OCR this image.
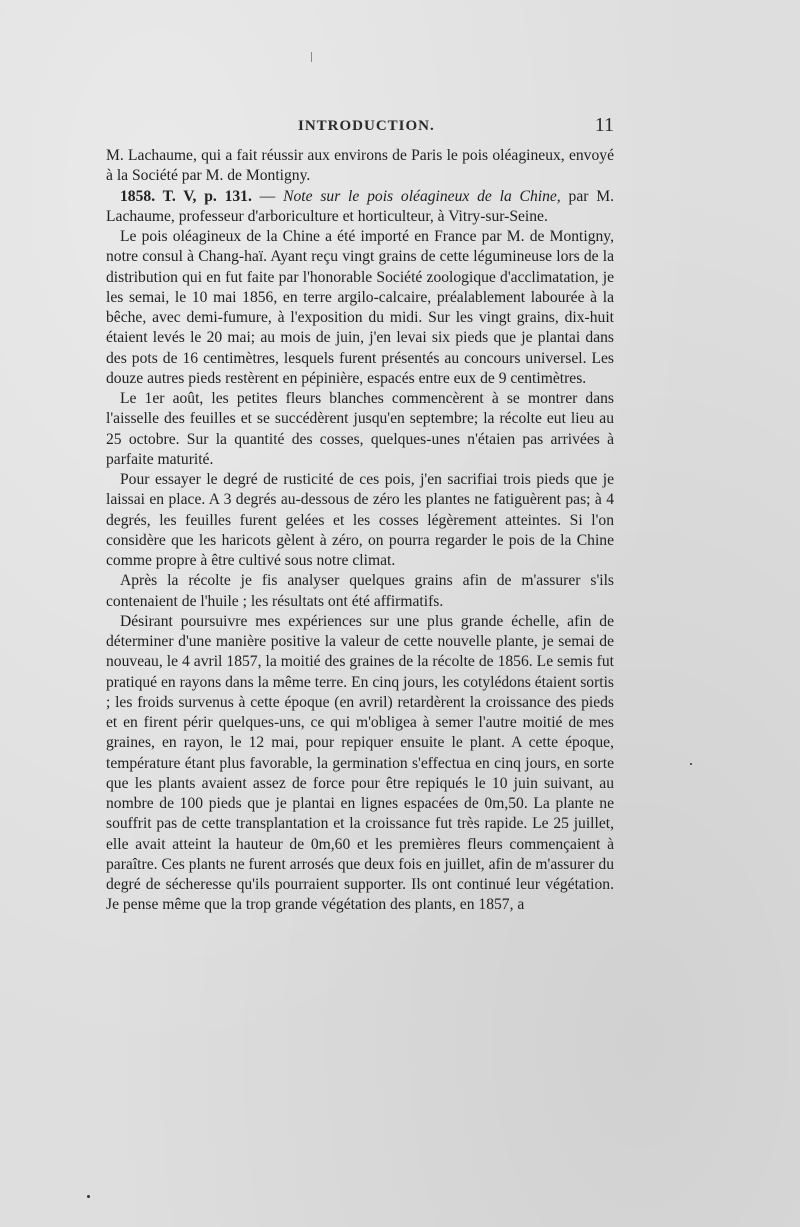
INTRODUCTION.	11

M. Lachaume, qui a fait réussir aux environs de Paris le pois oléagineux, envoyé à la Société par M. de Montigny.

1858. T. V, p. 131. — Note sur le pois oléagineux de la Chine, par M. Lachaume, professeur d'arboriculture et horticulteur, à Vitry-sur-Seine.

Le pois oléagineux de la Chine a été importé en France par M. de Montigny, notre consul à Chang-haï. Ayant reçu vingt grains de cette légumineuse lors de la distribution qui en fut faite par l'honorable Société zoologique d'acclimatation, je les semai, le 10 mai 1856, en terre argilo-calcaire, préalablement labourée à la bêche, avec demi-fumure, à l'exposition du midi. Sur les vingt grains, dix-huit étaient levés le 20 mai; au mois de juin, j'en levai six pieds que je plantai dans des pots de 16 centimètres, lesquels furent présentés au concours universel. Les douze autres pieds restèrent en pépinière, espacés entre eux de 9 centimètres.

Le 1er août, les petites fleurs blanches commencèrent à se montrer dans l'aisselle des feuilles et se succédèrent jusqu'en septembre; la récolte eut lieu au 25 octobre. Sur la quantité des cosses, quelques-unes n'étaien pas arrivées à parfaite maturité.

Pour essayer le degré de rusticité de ces pois, j'en sacrifiai trois pieds que je laissai en place. A 3 degrés au-dessous de zéro les plantes ne fatiguèrent pas; à 4 degrés, les feuilles furent gelées et les cosses légèrement atteintes. Si l'on considère que les haricots gèlent à zéro, on pourra regarder le pois de la Chine comme propre à être cultivé sous notre climat.

Après la récolte je fis analyser quelques grains afin de m'assurer s'ils contenaient de l'huile ; les résultats ont été affirmatifs.

Désirant poursuivre mes expériences sur une plus grande échelle, afin de déterminer d'une manière positive la valeur de cette nouvelle plante, je semai de nouveau, le 4 avril 1857, la moitié des graines de la récolte de 1856. Le semis fut pratiqué en rayons dans la même terre. En cinq jours, les cotylédons étaient sortis ; les froids survenus à cette époque (en avril) retardèrent la croissance des pieds et en firent périr quelques-uns, ce qui m'obligea à semer l'autre moitié de mes graines, en rayon, le 12 mai, pour repiquer ensuite le plant. A cette époque, température étant plus favorable, la germination s'effectua en cinq jours, en sorte que les plants avaient assez de force pour être repiqués le 10 juin suivant, au nombre de 100 pieds que je plantai en lignes espacées de 0m,50. La plante ne souffrit pas de cette transplantation et la croissance fut très rapide. Le 25 juillet, elle avait atteint la hauteur de 0m,60 et les premières fleurs commençaient à paraître. Ces plants ne furent arrosés que deux fois en juillet, afin de m'assurer du degré de sécheresse qu'ils pourraient supporter. Ils ont continué leur végétation. Je pense même que la trop grande végétation des plants, en 1857, a
